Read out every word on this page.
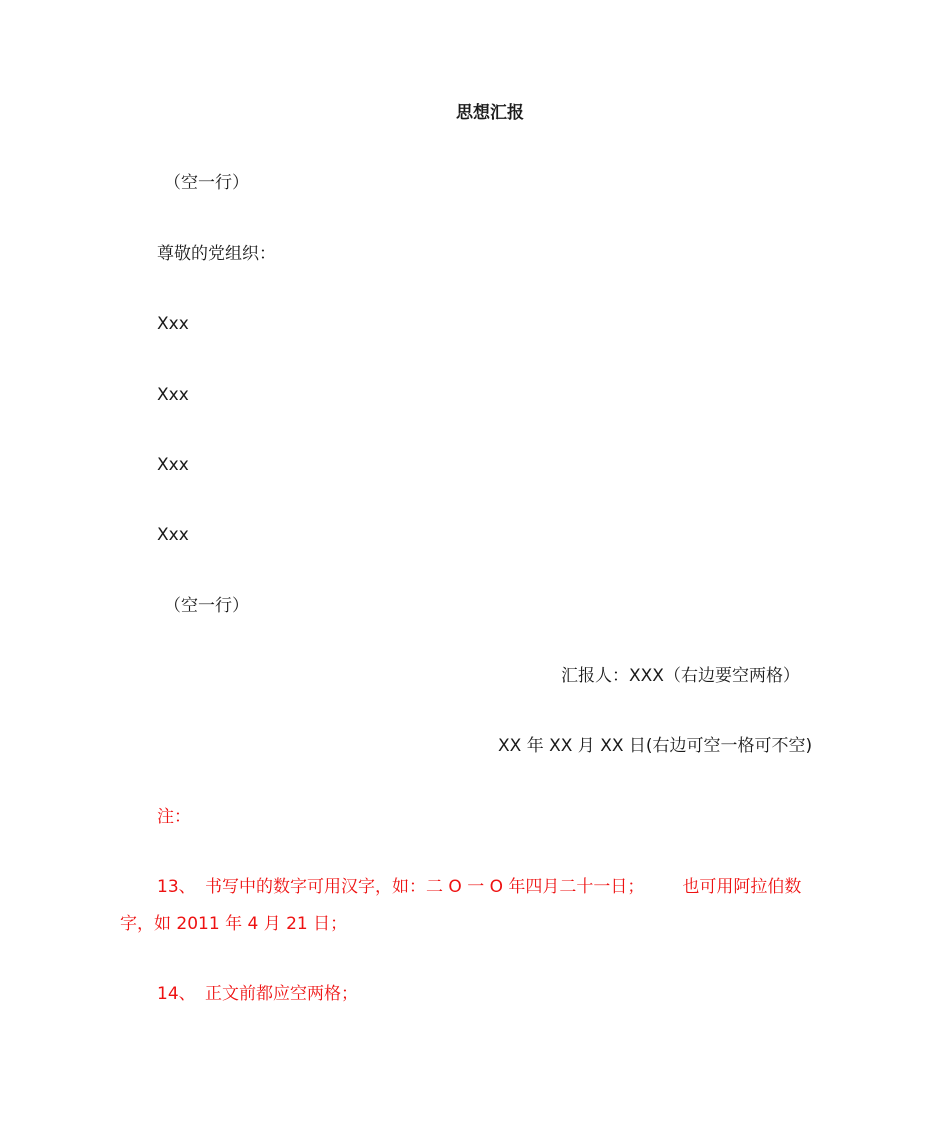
思想汇报
（空一行）
尊敬的党组织：
Xxx
Xxx
Xxx
Xxx
（空一行）
汇报人：XXX（右边要空两格）
XX 年 XX 月 XX 日(右边可空一格可不空)
注：
13、 书写中的数字可用汉字，如：二 O 一 O 年四月二十一日； 也可用阿拉伯数
字，如 2011 年 4 月 21 日；
14、 正文前都应空两格；
